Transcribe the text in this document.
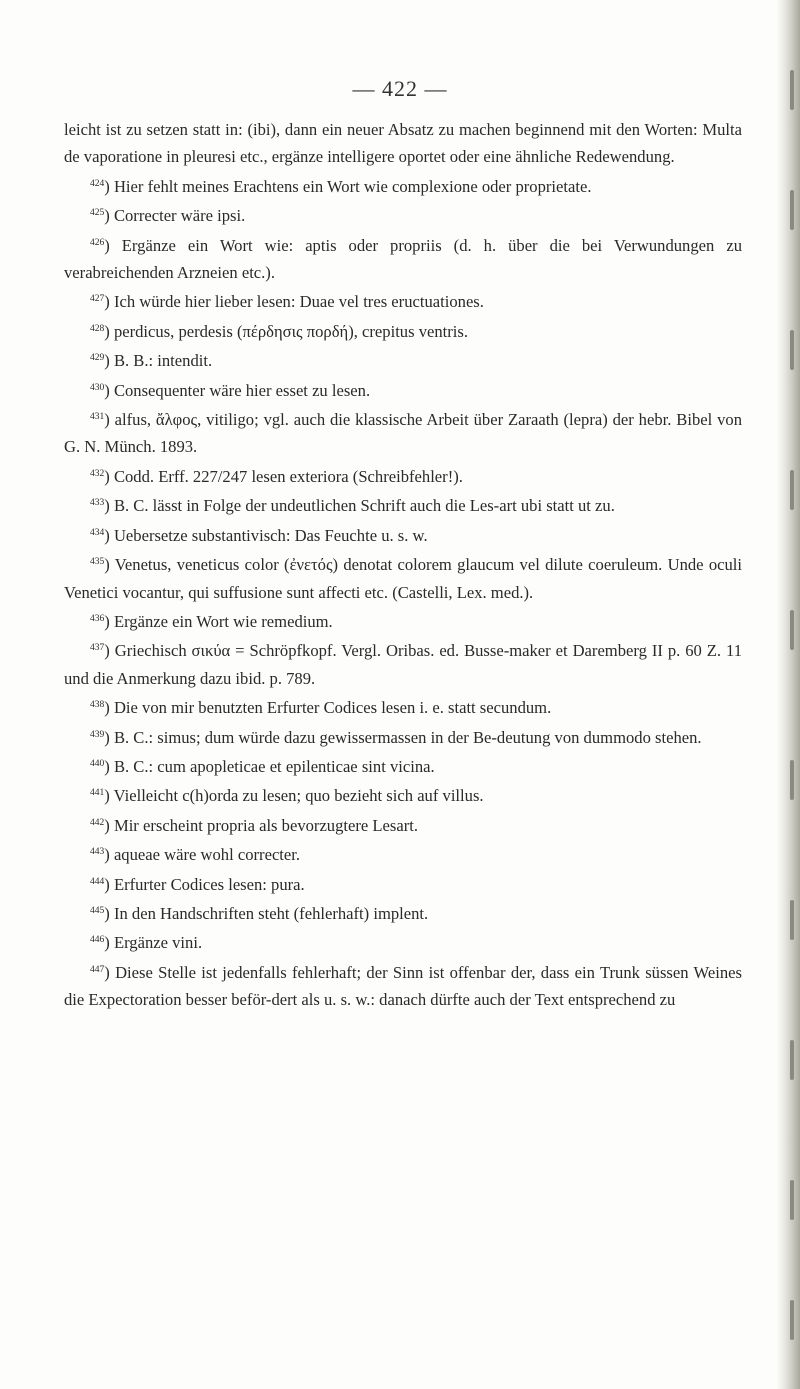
— 422 —

leicht ist zu setzen statt in: (ibi), dann ein neuer Absatz zu machen beginnend mit den Worten: Multa de vaporatione in pleuresi etc., ergänze intelligere oportet oder eine ähnliche Redewendung.

$^{424}$) Hier fehlt meines Erachtens ein Wort wie complexione oder proprietate.

$^{425}$) Correcter wäre ipsi.

$^{426}$) Ergänze ein Wort wie: aptis oder propriis (d. h. über die bei Verwundungen zu verabreichenden Arzneien etc.).

$^{427}$) Ich würde hier lieber lesen: Duae vel tres eructuationes.

$^{428}$) perdicus, perdesis (πέρδησις πορδή), crepitus ventris.

$^{429}$) B. B.: intendit.

$^{430}$) Consequenter wäre hier esset zu lesen.

$^{431}$) alfus, ἄλφος, vitiligo; vgl. auch die klassische Arbeit über Zaraath (lepra) der hebr. Bibel von G. N. Münch. 1893.

$^{432}$) Codd. Erff. 227/247 lesen exteriora (Schreibfehler!).

$^{433}$) B. C. lässt in Folge der undeutlichen Schrift auch die Les-art ubi statt ut zu.

$^{434}$) Uebersetze substantivisch: Das Feuchte u. s. w.

$^{435}$) Venetus, veneticus color (ἐνετός) denotat colorem glaucum vel dilute coeruleum. Unde oculi Venetici vocantur, qui suffusione sunt affecti etc. (Castelli, Lex. med.).

$^{436}$) Ergänze ein Wort wie remedium.

$^{437}$) Griechisch σικύα = Schröpfkopf. Vergl. Oribas. ed. Busse-maker et Daremberg II p. 60 Z. 11 und die Anmerkung dazu ibid. p. 789.

$^{438}$) Die von mir benutzten Erfurter Codices lesen i. e. statt secundum.

$^{439}$) B. C.: simus; dum würde dazu gewissermassen in der Be-deutung von dummodo stehen.

$^{440}$) B. C.: cum apopleticae et epilenticae sint vicina.

$^{441}$) Vielleicht c(h)orda zu lesen; quo bezieht sich auf villus.

$^{442}$) Mir erscheint propria als bevorzugtere Lesart.

$^{443}$) aqueae wäre wohl correcter.

$^{444}$) Erfurter Codices lesen: pura.

$^{445}$) In den Handschriften steht (fehlerhaft) implent.

$^{446}$) Ergänze vini.

$^{447}$) Diese Stelle ist jedenfalls fehlerhaft; der Sinn ist offenbar der, dass ein Trunk süssen Weines die Expectoration besser beför-dert als u. s. w.: danach dürfte auch der Text entsprechend zu
